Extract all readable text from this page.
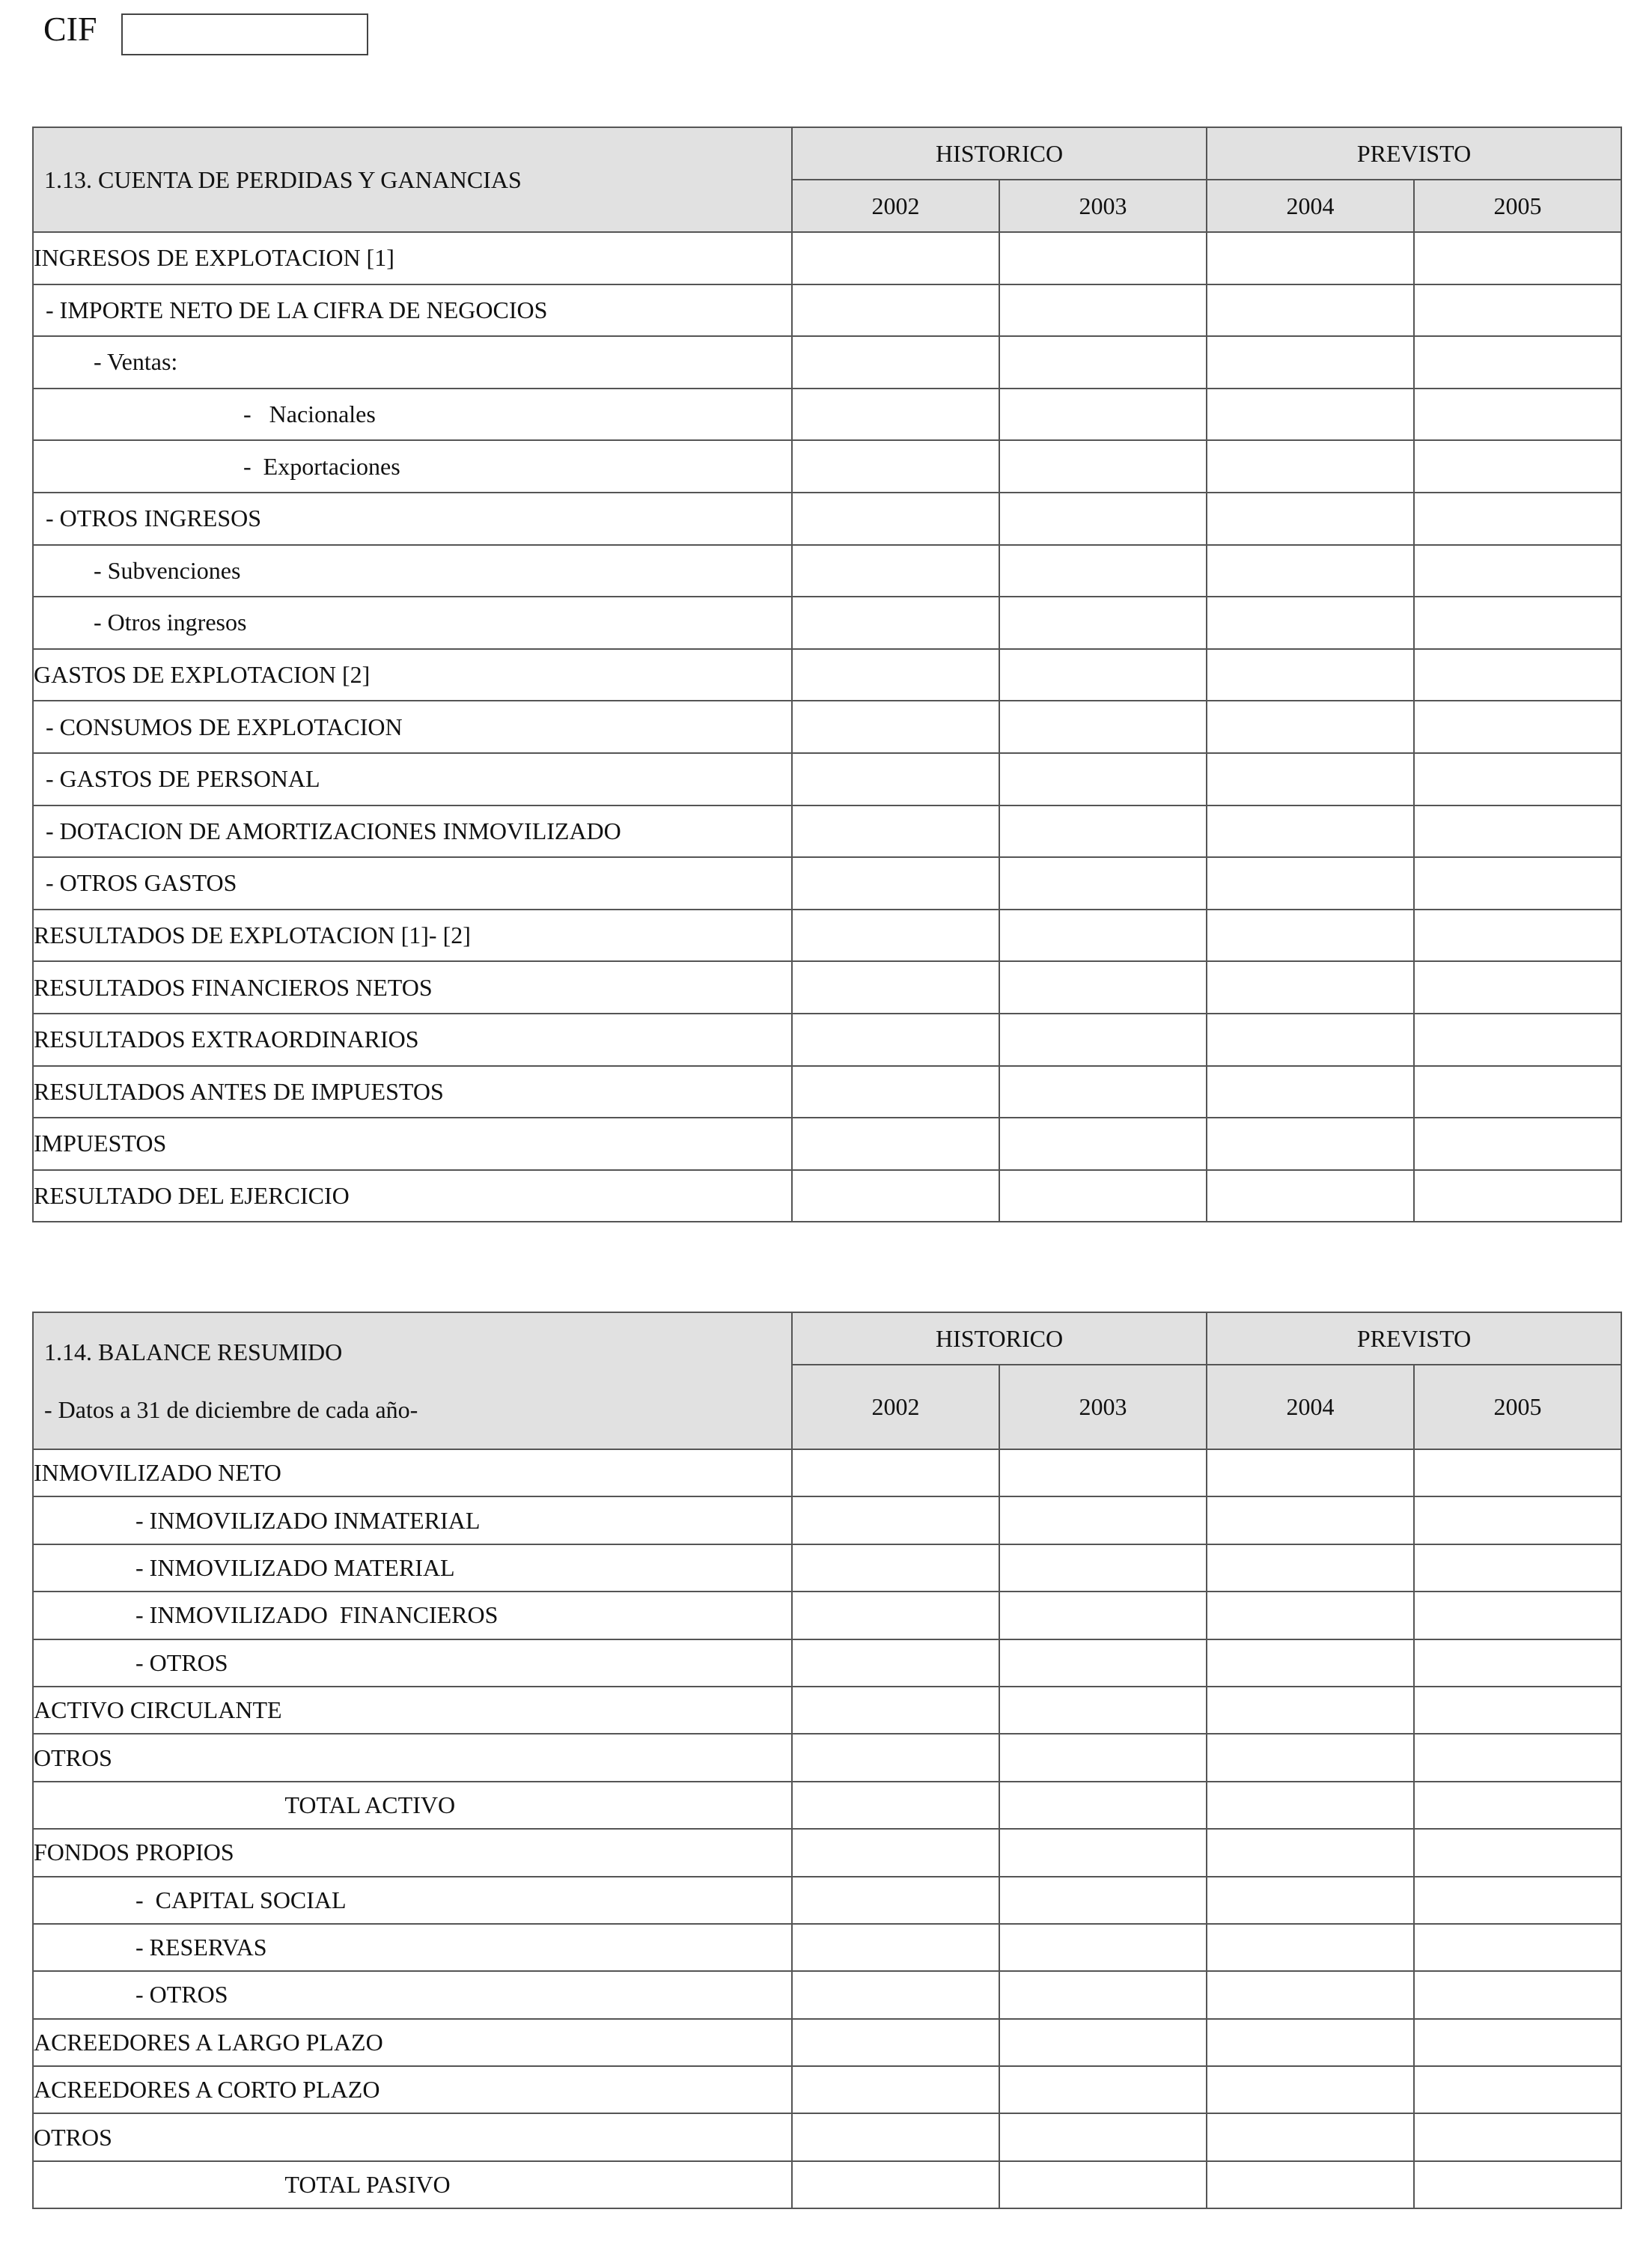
CIF
1.13. CUENTA DE PERDIDAS Y GANANCIAS	HISTORICO		PREVISTO	
	2002	2003	2004	2005
INGRESOS DE EXPLOTACION [1]				
- IMPORTE NETO DE LA CIFRA DE NEGOCIOS				
- Ventas:				
-   Nacionales				
-  Exportaciones				
- OTROS INGRESOS				
- Subvenciones				
- Otros ingresos				
GASTOS DE EXPLOTACION [2]				
- CONSUMOS DE EXPLOTACION				
- GASTOS DE PERSONAL				
- DOTACION DE AMORTIZACIONES INMOVILIZADO				
- OTROS GASTOS				
RESULTADOS DE EXPLOTACION [1]- [2]				
RESULTADOS FINANCIEROS NETOS				
RESULTADOS EXTRAORDINARIOS				
RESULTADOS ANTES DE IMPUESTOS				
IMPUESTOS				
RESULTADO DEL EJERCICIO				
1.14. BALANCE RESUMIDO
- Datos a 31 de diciembre de cada año-	HISTORICO		PREVISTO	
	2002	2003	2004	2005
INMOVILIZADO NETO				
- INMOVILIZADO INMATERIAL				
- INMOVILIZADO MATERIAL				
- INMOVILIZADO  FINANCIEROS				
- OTROS				
ACTIVO CIRCULANTE				
OTROS				
TOTAL ACTIVO				
FONDOS PROPIOS				
-  CAPITAL SOCIAL				
- RESERVAS				
- OTROS				
ACREEDORES A LARGO PLAZO				
ACREEDORES A CORTO PLAZO				
OTROS				
TOTAL PASIVO				
